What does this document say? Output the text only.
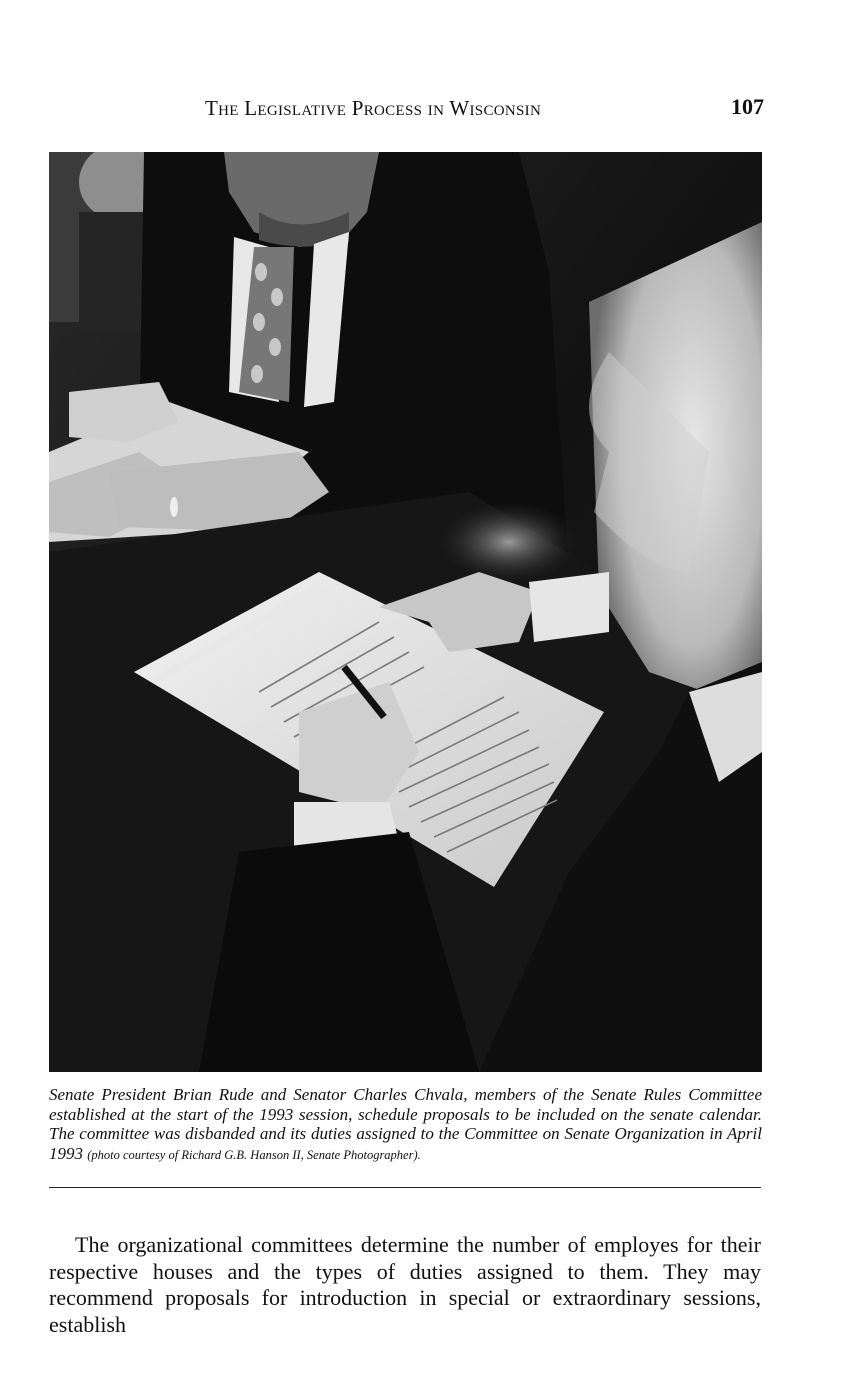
The Legislative Process in Wisconsin	107
Senate President Brian Rude and Senator Charles Chvala, members of the Senate Rules Committee established at the start of the 1993 session, schedule proposals to be included on the senate calendar. The committee was disbanded and its duties assigned to the Committee on Senate Organization in April 1993 (photo courtesy of Richard G.B. Hanson II, Senate Photographer).

The organizational committees determine the number of employes for their respective houses and the types of duties assigned to them. They may recommend proposals for introduction in special or extraordinary sessions, establish
